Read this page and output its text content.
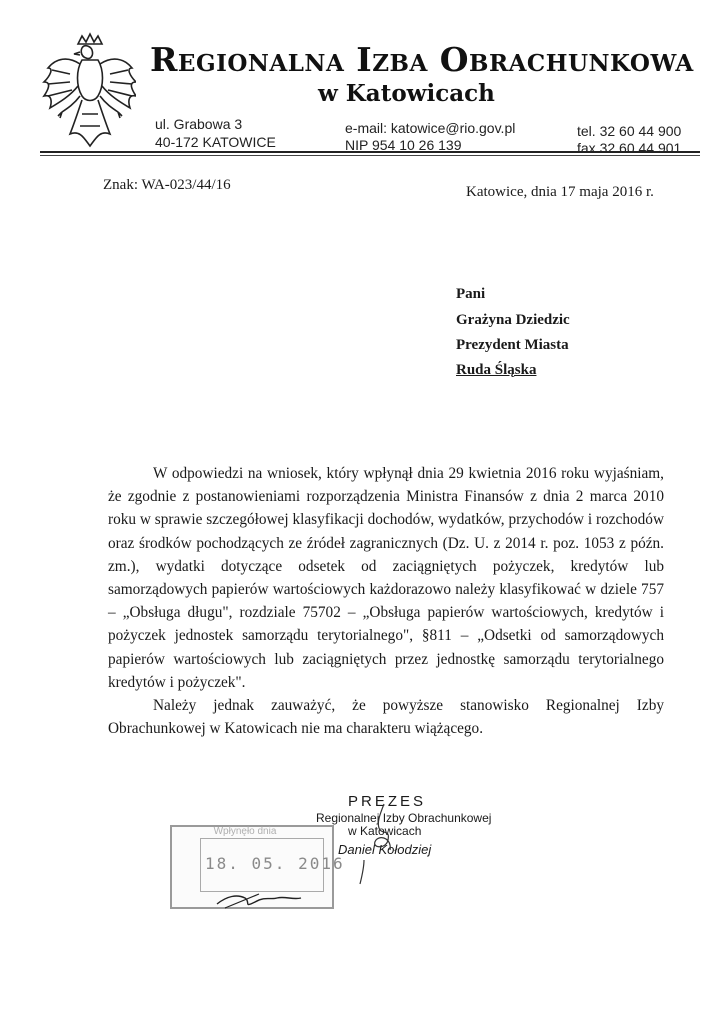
Regionalna Izba Obrachunkowa
w Katowicach
ul. Grabowa 3
40-172 KATOWICE
e-mail: katowice@rio.gov.pl
NIP 954 10 26 139
tel. 32 60 44 900
fax 32 60 44 901
Znak: WA-023/44/16	Katowice, dnia 17 maja 2016 r.
Pani
Grażyna Dziedzic
Prezydent Miasta
Ruda Śląska

W odpowiedzi na wniosek, który wpłynął dnia 29 kwietnia 2016 roku wyjaśniam, że zgodnie z postanowieniami rozporządzenia Ministra Finansów z dnia 2 marca 2010 roku w sprawie szczegółowej klasyfikacji dochodów, wydatków, przychodów i rozchodów oraz środków pochodzących ze źródeł zagranicznych (Dz. U. z 2014 r. poz. 1053 z późn. zm.), wydatki dotyczące odsetek od zaciągniętych pożyczek, kredytów lub samorządowych papierów wartościowych każdorazowo należy klasyfikować w dziele 757 – „Obsługa długu", rozdziale 75702 – „Obsługa papierów wartościowych, kredytów i pożyczek jednostek samorządu terytorialnego", §811 – „Odsetki od samorządowych papierów wartościowych lub zaciągniętych przez jednostkę samorządu terytorialnego kredytów i pożyczek".

Należy jednak zauważyć, że powyższe stanowisko Regionalnej Izby Obrachunkowej w Katowicach nie ma charakteru wiążącego.

Wpłynęło dnia
18. 05. 2016
PREZES
Regionalnej Izby Obrachunkowej
w Katowicach
Daniel Kołodziej
